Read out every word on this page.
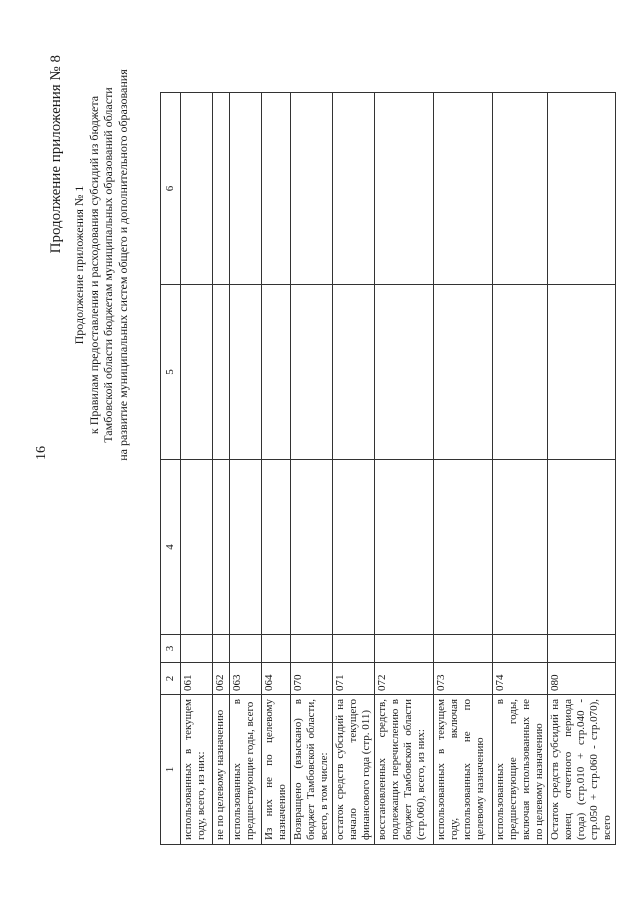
16
Продолжение приложения № 8
Продолжение приложения № 1 к Правилам предоставления и расходования субсидий из бюджета Тамбовской области бюджетам муниципальных образований области на развитие муниципальных систем общего и дополнительного образования
1	2	3	4	5	6
использованных в текущем году, всего, из них:	061				
не по целевому назначению	062				
использованных в предшествующие годы, всего	063				
Из них не по целевому назначению	064				
Возвращено (взыскано) в бюджет Тамбовской области, всего, в том числе:	070				
остаток средств субсидий на начало текущего финансового года (стр. 011)	071				
восстановленных средств, подлежащих перечислению в бюджет Тамбовской области (стр.060), всего, из них:	072				
использованных в текущем году, включая использованных не по целевому назначению	073				
использованных в предшествующие годы, включая использованных не по целевому назначению	074				
Остаток средств субсидий на конец отчетного периода (года) (стр.010 + стр.040 - стр.050 + стр.060 - стр.070), всего	080				
